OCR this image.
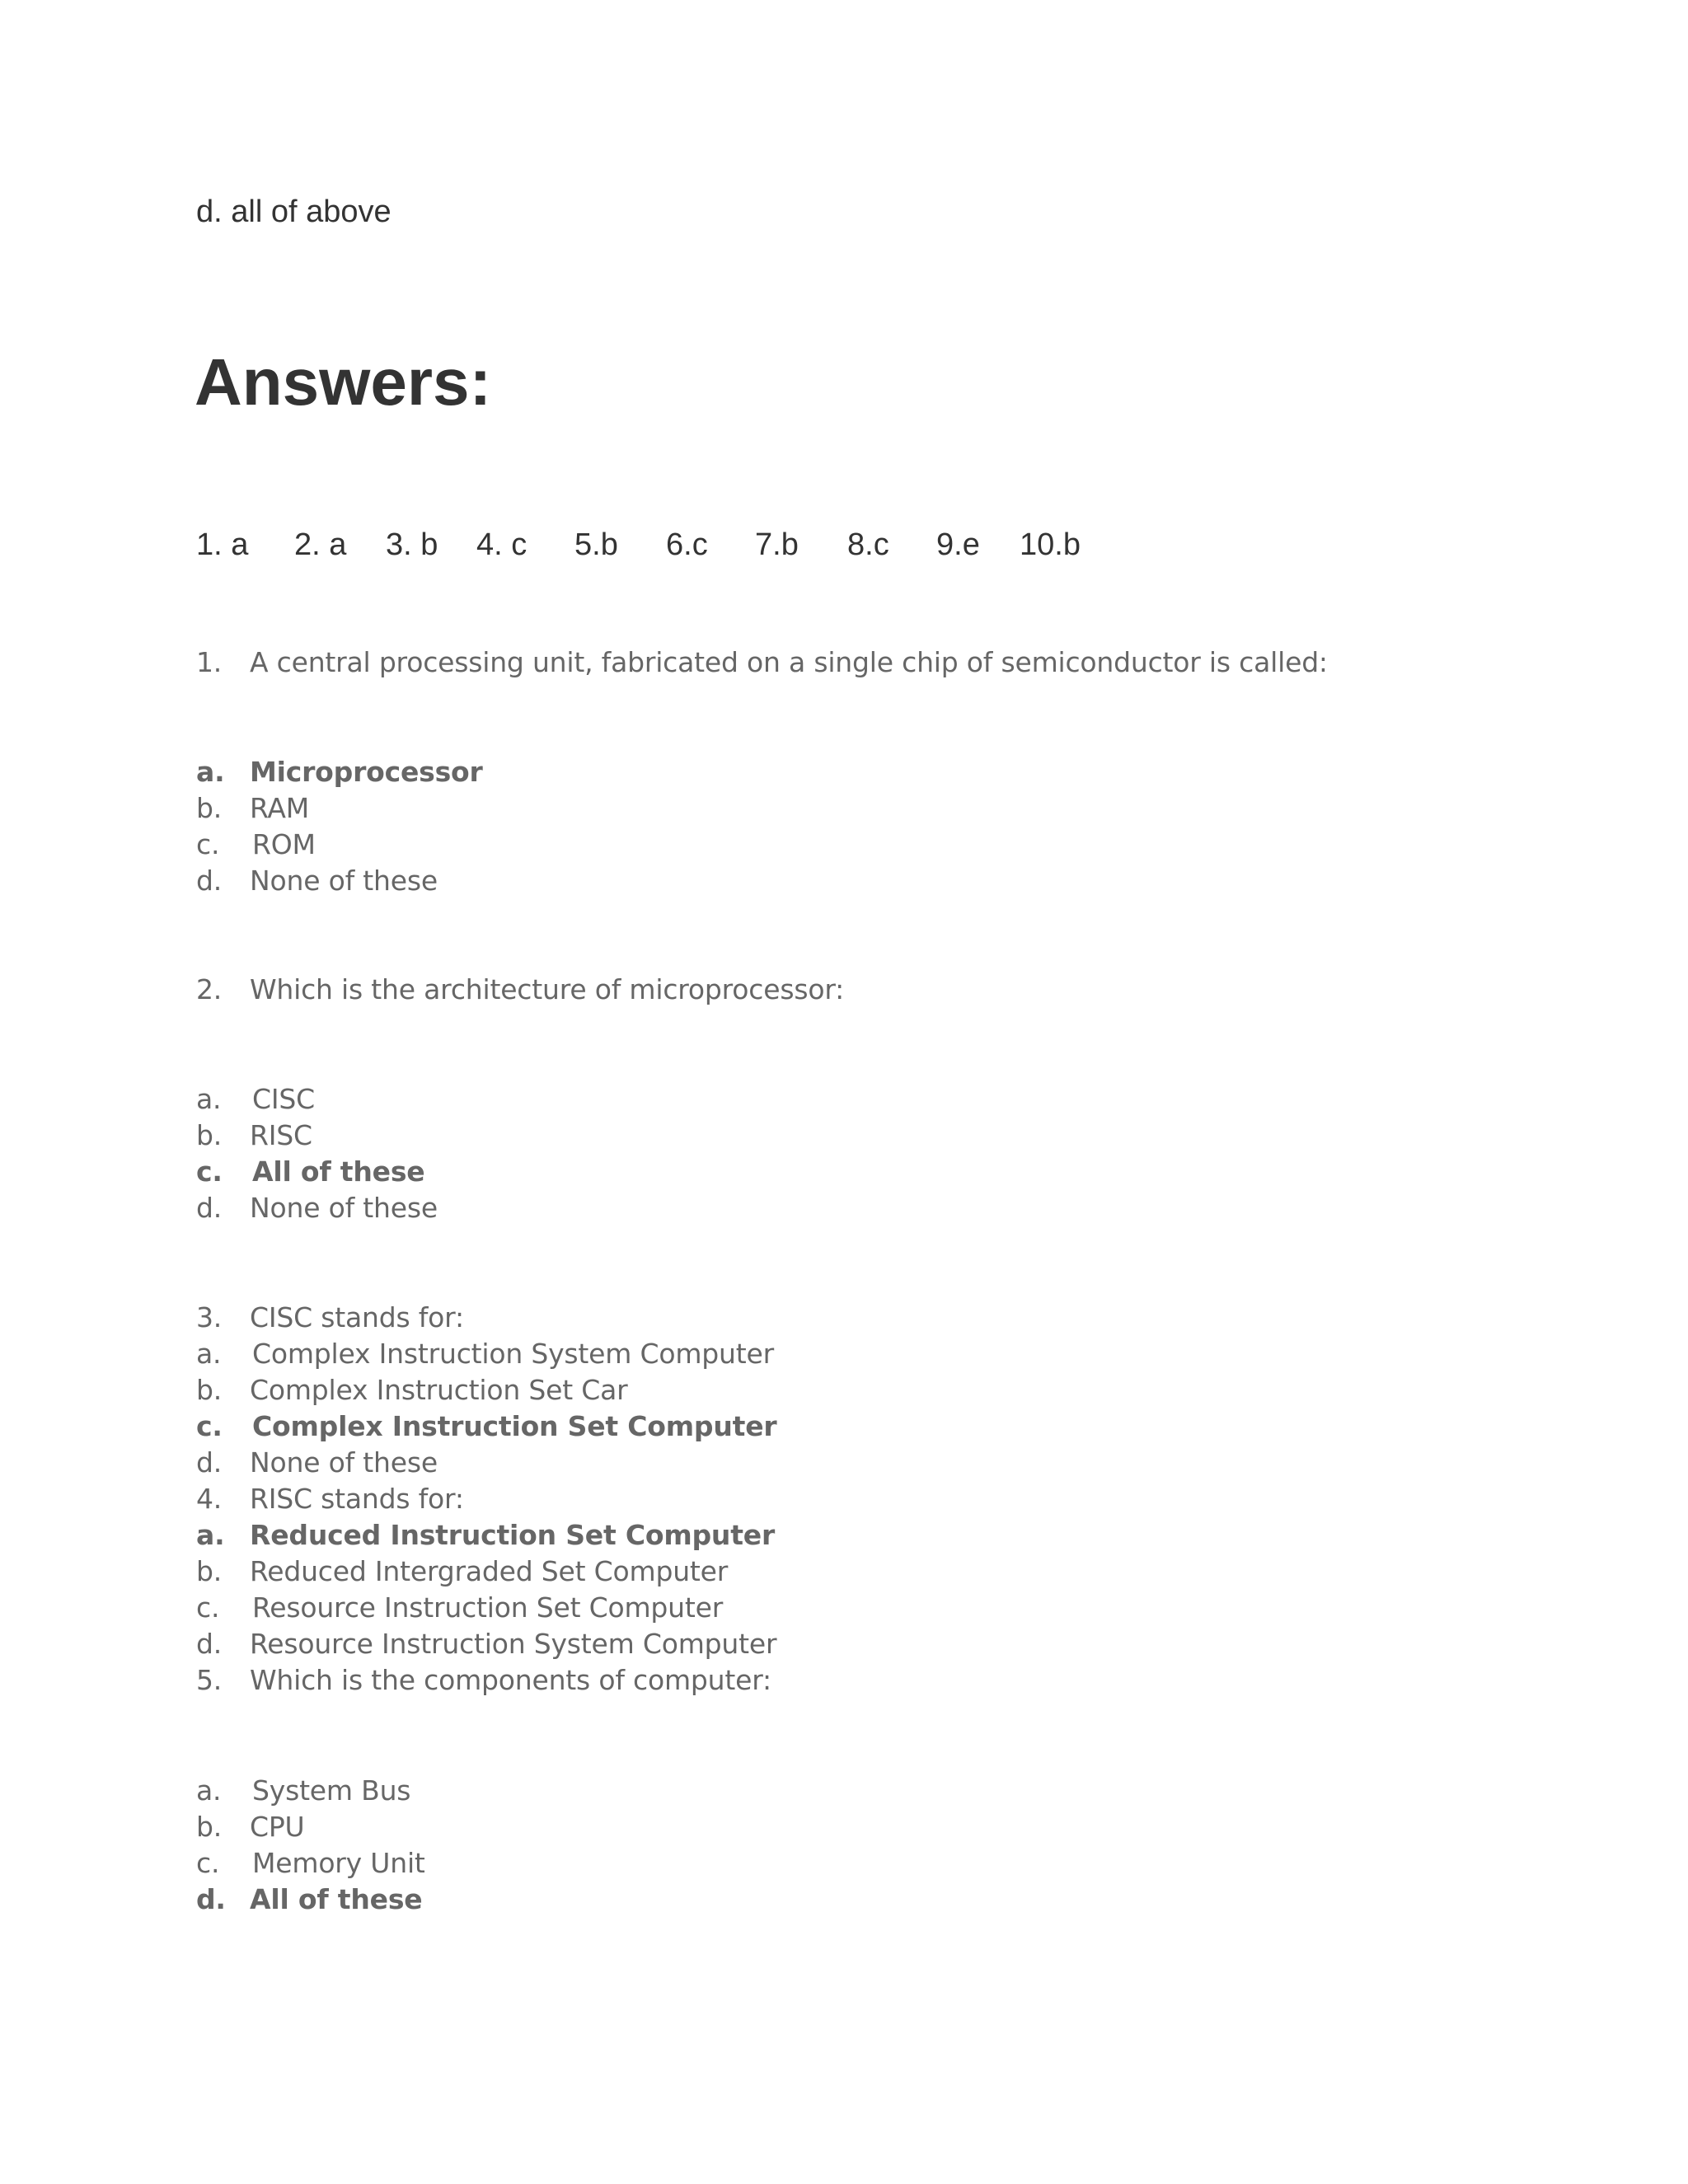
d. all of above
Answers:
1. a 2. a 3. b 4. c 5.b 6.c 7.b 8.c 9.e 10.b
1. A central processing unit, fabricated on a single chip of semiconductor is called:
a. Microprocessor
b. RAM
c. ROM
d. None of these
2. Which is the architecture of microprocessor:
a. CISC
b. RISC
c. All of these
d. None of these
3. CISC stands for:
a. Complex Instruction System Computer
b. Complex Instruction Set Car
c. Complex Instruction Set Computer
d. None of these
4. RISC stands for:
a. Reduced Instruction Set Computer
b. Reduced Intergraded Set Computer
c. Resource Instruction Set Computer
d. Resource Instruction System Computer
5. Which is the components of computer:
a. System Bus
b. CPU
c. Memory Unit
d. All of these
